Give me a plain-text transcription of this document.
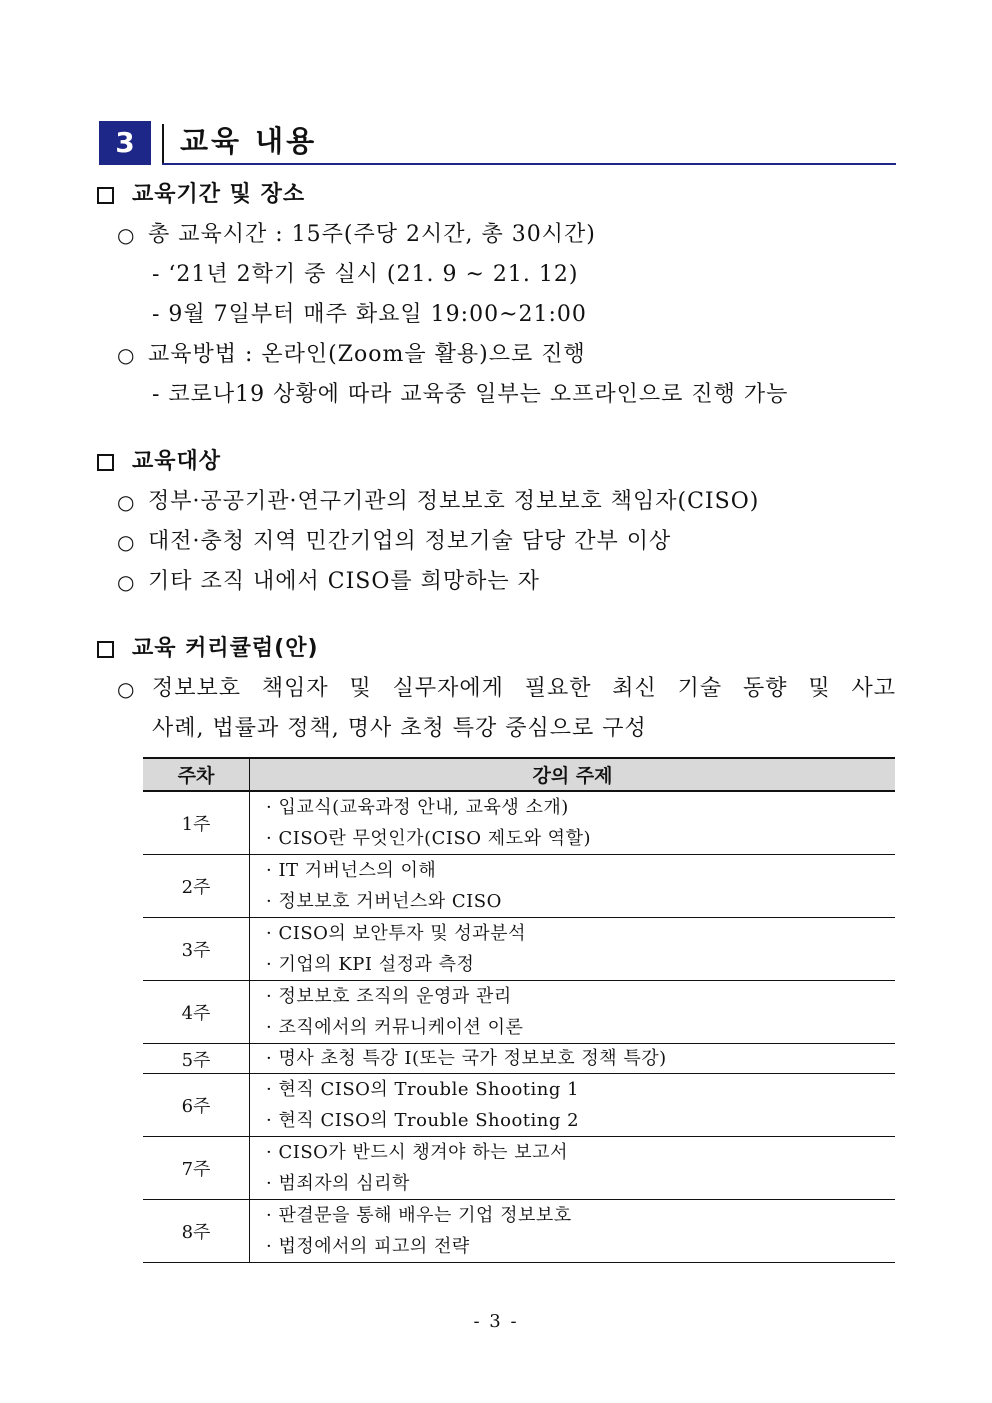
3	교육 내용
교육기간 및 장소
○ 총 교육시간 : 15주(주당 2시간, 총 30시간)
- ‘21년 2학기 중 실시 (21. 9 ~ 21. 12)
- 9월 7일부터 매주 화요일 19:00~21:00
○ 교육방법 : 온라인(Zoom을 활용)으로 진행
- 코로나19 상황에 따라 교육중 일부는 오프라인으로 진행 가능
교육대상
○ 정부·공공기관·연구기관의 정보보호 정보보호 책임자(CISO)
○ 대전·충청 지역 민간기업의 정보기술 담당 간부 이상
○ 기타 조직 내에서 CISO를 희망하는 자
교육 커리큘럼(안)
○ 정보보호 책임자 및 실무자에게 필요한 최신 기술 동향 및 사고
사례, 법률과 정책, 명사 초청 특강 중심으로 구성
주차	강의 주제
1주	· 입교식(교육과정 안내, 교육생 소개)
· CISO란 무엇인가(CISO 제도와 역할)

2주	· IT 거버넌스의 이해
· 정보보호 거버넌스와 CISO

3주	· CISO의 보안투자 및 성과분석
· 기업의 KPI 설정과 측정

4주	· 정보보호 조직의 운영과 관리
· 조직에서의 커뮤니케이션 이론

5주	· 명사 초청 특강 Ⅰ(또는 국가 정보보호 정책 특강)

6주	· 현직 CISO의 Trouble Shooting 1
· 현직 CISO의 Trouble Shooting 2

7주	· CISO가 반드시 챙겨야 하는 보고서
· 범죄자의 심리학

8주	· 판결문을 통해 배우는 기업 정보보호
· 법정에서의 피고의 전략
- 3 -
